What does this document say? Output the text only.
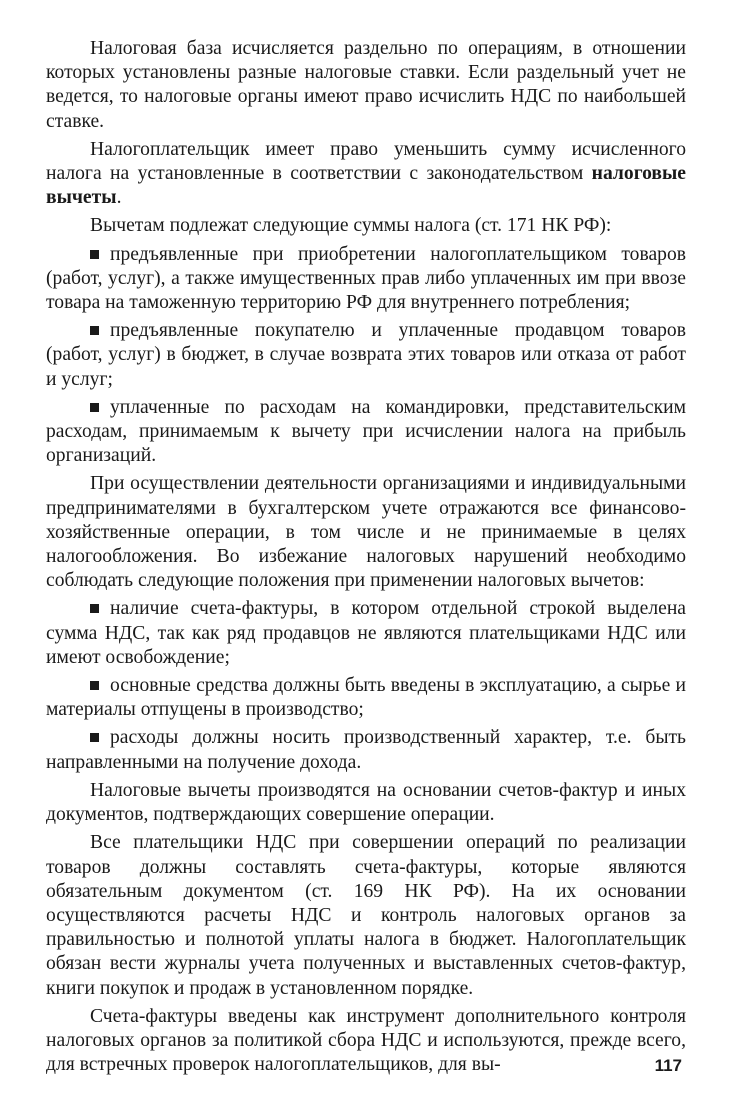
Налоговая база исчисляется раздельно по операциям, в отношении которых установлены разные налоговые ставки. Если раздельный учет не ведется, то налоговые органы имеют право исчислить НДС по наибольшей ставке.

Налогоплательщик имеет право уменьшить сумму исчисленного налога на установленные в соответствии с законодательством налоговые вычеты.

Вычетам подлежат следующие суммы налога (ст. 171 НК РФ):

предъявленные при приобретении налогоплательщиком товаров (работ, услуг), а также имущественных прав либо уплаченных им при ввозе товара на таможенную территорию РФ для внутреннего потребления;

предъявленные покупателю и уплаченные продавцом товаров (работ, услуг) в бюджет, в случае возврата этих товаров или отказа от работ и услуг;

уплаченные по расходам на командировки, представительским расходам, принимаемым к вычету при исчислении налога на прибыль организаций.

При осуществлении деятельности организациями и индивидуальными предпринимателями в бухгалтерском учете отражаются все финансово-хозяйственные операции, в том числе и не принимаемые в целях налогообложения. Во избежание налоговых нарушений необходимо соблюдать следующие положения при применении налоговых вычетов:

наличие счета-фактуры, в котором отдельной строкой выделена сумма НДС, так как ряд продавцов не являются плательщиками НДС или имеют освобождение;

основные средства должны быть введены в эксплуатацию, а сырье и материалы отпущены в производство;

расходы должны носить производственный характер, т.е. быть направленными на получение дохода.

Налоговые вычеты производятся на основании счетов-фактур и иных документов, подтверждающих совершение операции.

Все плательщики НДС при совершении операций по реализации товаров должны составлять счета-фактуры, которые являются обязательным документом (ст. 169 НК РФ). На их основании осуществляются расчеты НДС и контроль налоговых органов за правильностью и полнотой уплаты налога в бюджет. Налогоплательщик обязан вести журналы учета полученных и выставленных счетов-фактур, книги покупок и продаж в установленном порядке.

Счета-фактуры введены как инструмент дополнительного контроля налоговых органов за политикой сбора НДС и используются, прежде всего, для встречных проверок налогоплательщиков, для вы-	117
